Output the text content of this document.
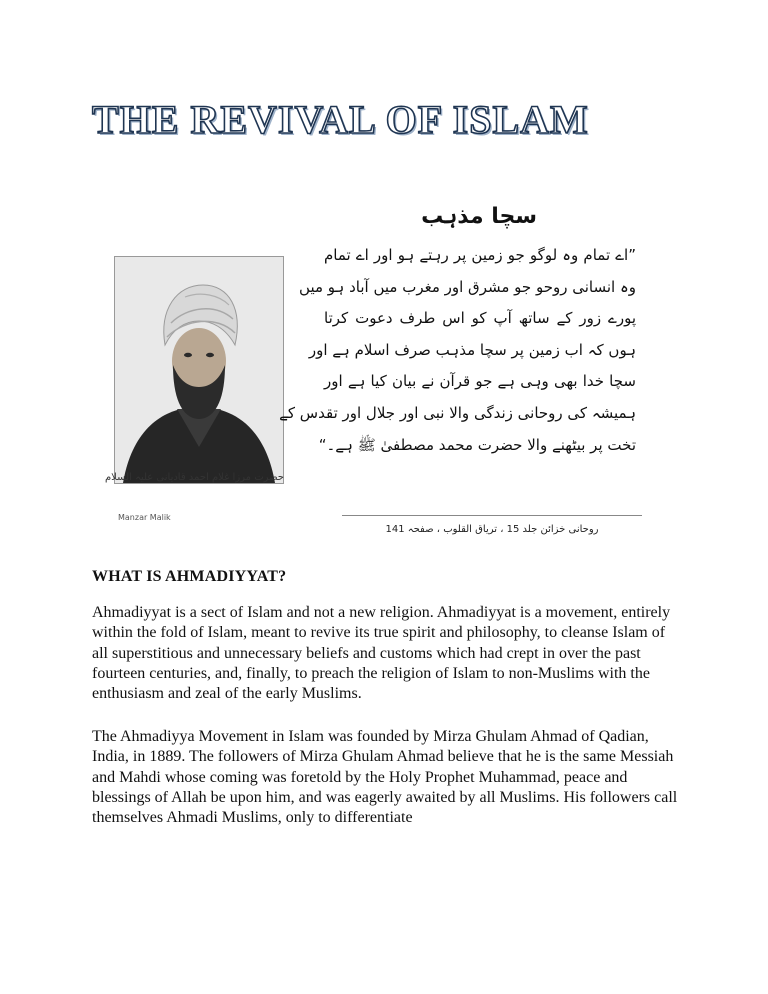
THE REVIVAL OF ISLAM
حضرت مرزا غلام احمد قادیانی علیہ السلام
Manzar Malik
سچا مذہب
”اے تمام وہ لوگو جو زمین پر رہتے ہو اور اے تمام
وہ انسانی روحو جو مشرق اور مغرب میں آباد ہو میں
پورے زور کے ساتھ آپ کو اس طرف دعوت کرتا
ہوں کہ اب زمین پر سچا مذہب صرف اسلام ہے اور
سچا خدا بھی وہی ہے جو قرآن نے بیان کیا ہے اور
ہمیشہ کی روحانی زندگی والا نبی اور جلال اور تقدس کے
تخت پر بیٹھنے والا حضرت محمد مصطفیٰ ﷺ ہے۔“
روحانی خزائن جلد 15 ، تریاق القلوب ، صفحہ 141
WHAT IS AHMADIYYAT?

Ahmadiyyat is a sect of Islam and not a new religion. Ahmadiyyat is a movement, entirely within the fold of Islam, meant to revive its true spirit and philosophy, to cleanse Islam of all superstitious and unnecessary beliefs and customs which had crept in over the past fourteen centuries, and, finally, to preach the religion of Islam to non-Muslims with the enthusiasm and zeal of the early Muslims.

The Ahmadiyya Movement in Islam was founded by Mirza Ghulam Ahmad of Qadian, India, in 1889. The followers of Mirza Ghulam Ahmad believe that he is the same Messiah and Mahdi whose coming was foretold by the Holy Prophet Muhammad, peace and blessings of Allah be upon him, and was eagerly awaited by all Muslims. His followers call themselves Ahmadi Muslims, only to differentiate
